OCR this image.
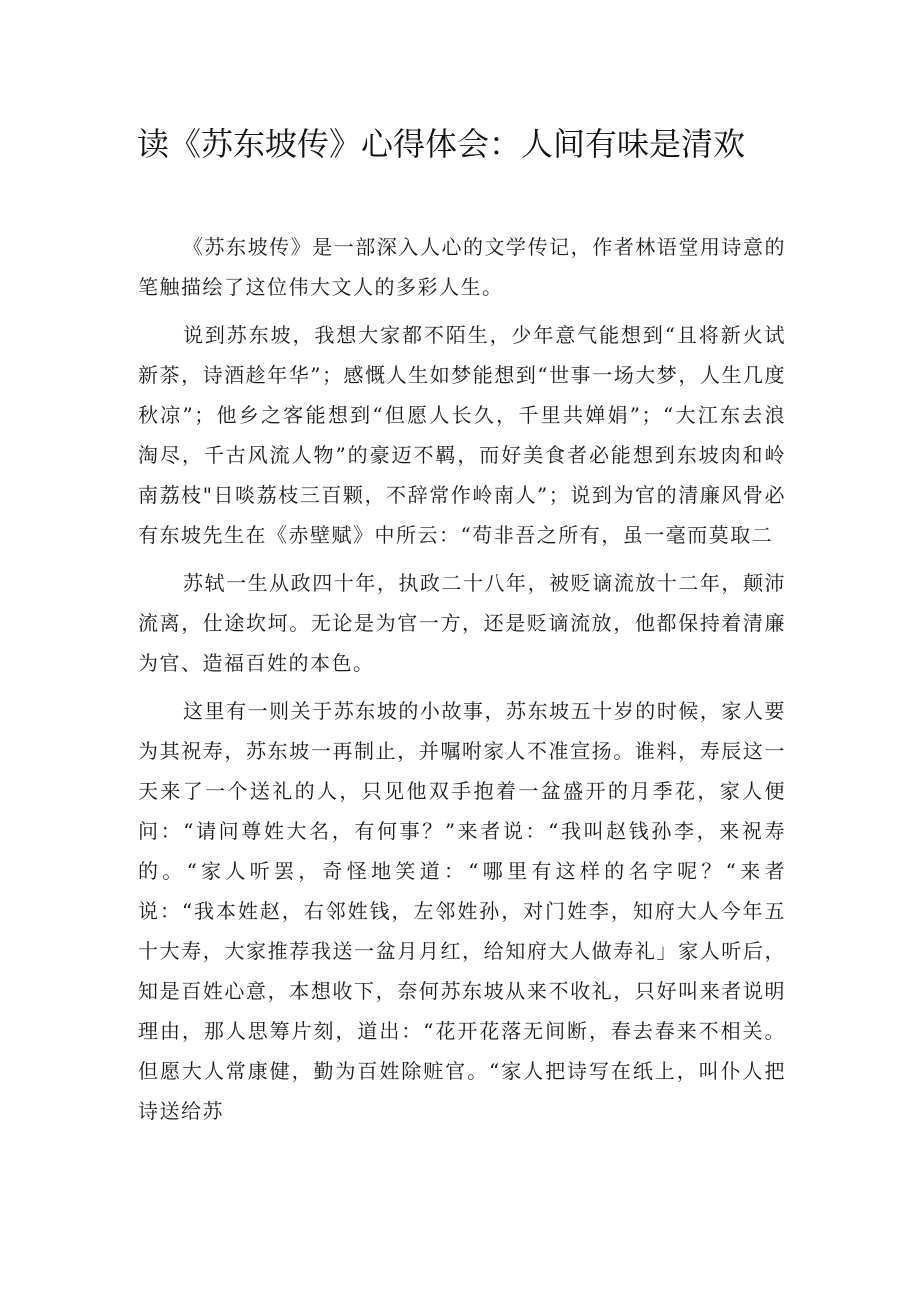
读《苏东坡传》心得体会：人间有味是清欢

《苏东坡传》是一部深入人心的文学传记，作者林语堂用诗意的笔触描绘了这位伟大文人的多彩人生。

说到苏东坡，我想大家都不陌生，少年意气能想到“且将新火试新茶，诗酒趁年华”；感慨人生如梦能想到“世事一场大梦，人生几度秋凉”；他乡之客能想到“但愿人长久，千里共婵娟”；“大江东去浪淘尽，千古风流人物”的豪迈不羁，而好美食者必能想到东坡肉和岭南荔枝"日啖荔枝三百颗，不辞常作岭南人”；说到为官的清廉风骨必有东坡先生在《赤壁赋》中所云：“苟非吾之所有，虽一毫而莫取二

苏轼一生从政四十年，执政二十八年，被贬谪流放十二年，颠沛流离，仕途坎坷。无论是为官一方，还是贬谪流放，他都保持着清廉为官、造福百姓的本色。

这里有一则关于苏东坡的小故事，苏东坡五十岁的时候，家人要为其祝寿，苏东坡一再制止，并嘱咐家人不准宣扬。谁料，寿辰这一天来了一个送礼的人，只见他双手抱着一盆盛开的月季花，家人便问：“请问尊姓大名，有何事？”来者说：“我叫赵钱孙李，来祝寿的。“家人听罢，奇怪地笑道：“哪里有这样的名字呢？“来者说：“我本姓赵，右邻姓钱，左邻姓孙，对门姓李，知府大人今年五十大寿，大家推荐我送一盆月月红，给知府大人做寿礼」家人听后，知是百姓心意，本想收下，奈何苏东坡从来不收礼，只好叫来者说明理由，那人思筹片刻，道出：“花开花落无间断，春去春来不相关。但愿大人常康健，勤为百姓除赃官。“家人把诗写在纸上，叫仆人把诗送给苏
